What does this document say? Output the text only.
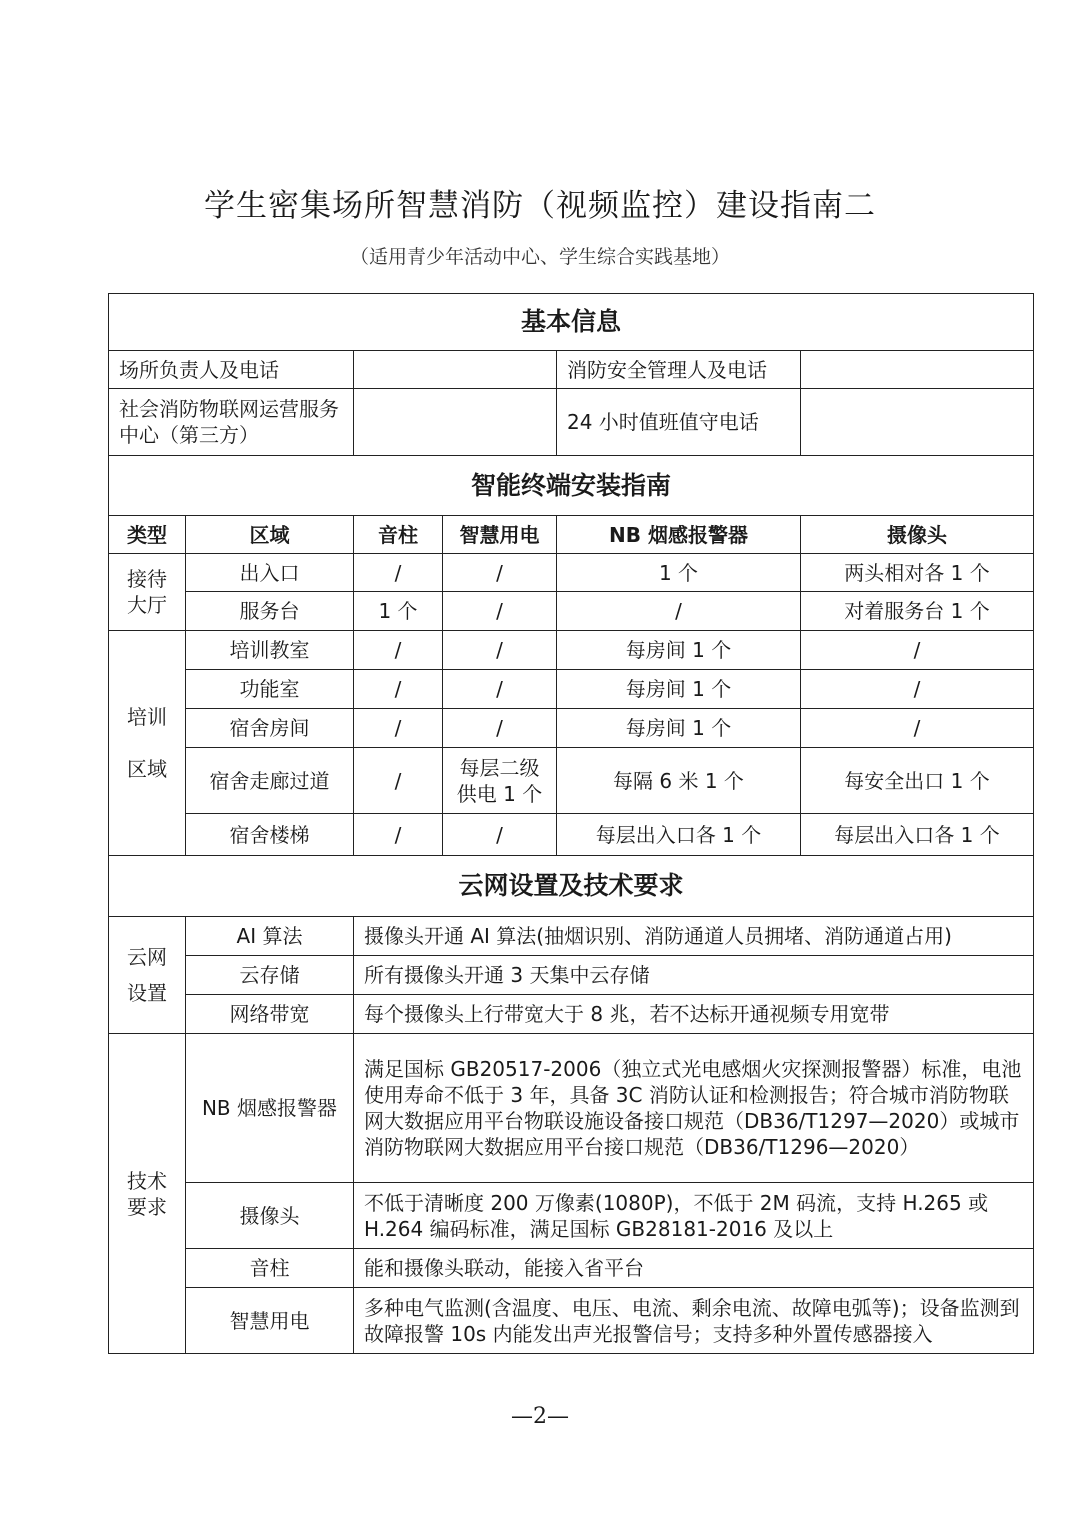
学生密集场所智慧消防（视频监控）建设指南二
（适用青少年活动中心、学生综合实践基地）
基本信息					
场所负责人及电话				消防安全管理人及电话	
社会消防物联网运营服务中心（第三方）				24 小时值班值守电话	
智能终端安装指南					
类型	区域	音柱	智慧用电	NB 烟感报警器	摄像头
接待大厅	出入口	/	/	1 个	两头相对各 1 个
	服务台	1 个	/	/	对着服务台 1 个
培训区域	培训教室	/	/	每房间 1 个	/
	功能室	/	/	每房间 1 个	/
	宿舍房间	/	/	每房间 1 个	/
	宿舍走廊过道	/	每层二级供电 1 个	每隔 6 米 1 个	每安全出口 1 个
	宿舍楼梯	/	/	每层出入口各 1 个	每层出入口各 1 个
云网设置及技术要求					
云网设置	AI 算法	摄像头开通 AI 算法(抽烟识别、消防通道人员拥堵、消防通道占用)			
	云存储	所有摄像头开通 3 天集中云存储			
	网络带宽	每个摄像头上行带宽大于 8 兆，若不达标开通视频专用宽带			
技术要求	NB 烟感报警器	满足国标 GB20517-2006（独立式光电感烟火灾探测报警器）标准，电池使用寿命不低于 3 年，具备 3C 消防认证和检测报告；符合城市消防物联网大数据应用平台物联设施设备接口规范（DB36/T1297—2020）或城市消防物联网大数据应用平台接口规范（DB36/T1296—2020）			
	摄像头	不低于清晰度 200 万像素(1080P)，不低于 2M 码流，支持 H.265 或 H.264 编码标准，满足国标 GB28181-2016 及以上			
	音柱	能和摄像头联动，能接入省平台			
	智慧用电	多种电气监测(含温度、电压、电流、剩余电流、故障电弧等)；设备监测到故障报警 10s 内能发出声光报警信号；支持多种外置传感器接入			
—2—
